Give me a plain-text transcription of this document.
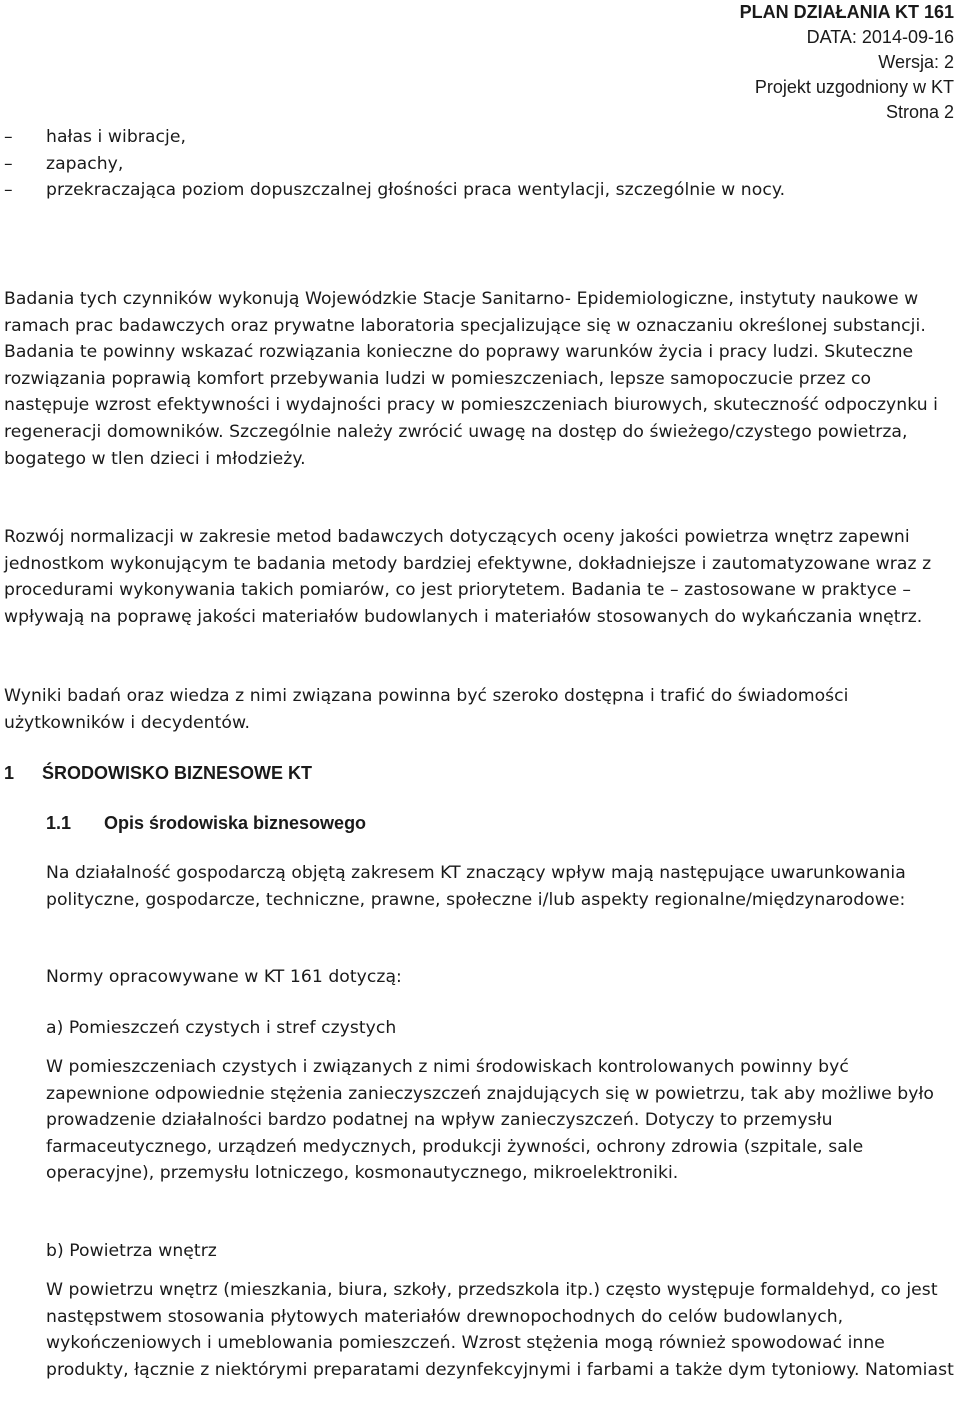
PLAN DZIAŁANIA KT 161
DATA: 2014-09-16
Wersja: 2
Projekt uzgodniony w KT
Strona 2
– hałas i wibracje,
– zapachy,
– przekraczająca poziom dopuszczalnej głośności praca wentylacji, szczególnie w nocy.

Badania tych czynników wykonują Wojewódzkie Stacje Sanitarno- Epidemiologiczne, instytuty naukowe w ramach prac badawczych oraz prywatne laboratoria specjalizujące się w oznaczaniu określonej substancji. Badania te powinny wskazać rozwiązania konieczne do poprawy warunków życia i pracy ludzi. Skuteczne rozwiązania poprawią komfort przebywania ludzi w pomieszczeniach, lepsze samopoczucie przez co następuje wzrost efektywności i wydajności pracy w pomieszczeniach biurowych, skuteczność odpoczynku i regeneracji domowników. Szczególnie należy zwrócić uwagę na dostęp do świeżego/czystego powietrza, bogatego w tlen dzieci i młodzieży.

Rozwój normalizacji w zakresie metod badawczych dotyczących oceny jakości powietrza wnętrz zapewni jednostkom wykonującym te badania metody bardziej efektywne, dokładniejsze i zautomatyzowane wraz z procedurami wykonywania takich pomiarów, co jest priorytetem. Badania te – zastosowane w praktyce – wpływają na poprawę jakości materiałów budowlanych i materiałów stosowanych do wykańczania wnętrz.

Wyniki badań oraz wiedza z nimi związana powinna być szeroko dostępna i trafić do świadomości użytkowników i decydentów.

1 ŚRODOWISKO BIZNESOWE KT
1.1 Opis środowiska biznesowego

Na działalność gospodarczą objętą zakresem KT znaczący wpływ mają następujące uwarunkowania polityczne, gospodarcze, techniczne, prawne, społeczne i/lub aspekty regionalne/międzynarodowe:

Normy opracowywane w KT 161 dotyczą:

a) Pomieszczeń czystych i stref czystych

W pomieszczeniach czystych i związanych z nimi środowiskach kontrolowanych powinny być zapewnione odpowiednie stężenia zanieczyszczeń znajdujących się w powietrzu, tak aby możliwe było prowadzenie działalności bardzo podatnej na wpływ zanieczyszczeń. Dotyczy to przemysłu farmaceutycznego, urządzeń medycznych, produkcji żywności, ochrony zdrowia (szpitale, sale operacyjne), przemysłu lotniczego, kosmonautycznego, mikroelektroniki.

b) Powietrza wnętrz

W powietrzu wnętrz (mieszkania, biura, szkoły, przedszkola itp.) często występuje formaldehyd, co jest następstwem stosowania płytowych materiałów drewnopochodnych do celów budowlanych, wykończeniowych i umeblowania pomieszczeń. Wzrost stężenia mogą również spowodować inne produkty, łącznie z niektórymi preparatami dezynfekcyjnymi i farbami a także dym tytoniowy. Natomiast
